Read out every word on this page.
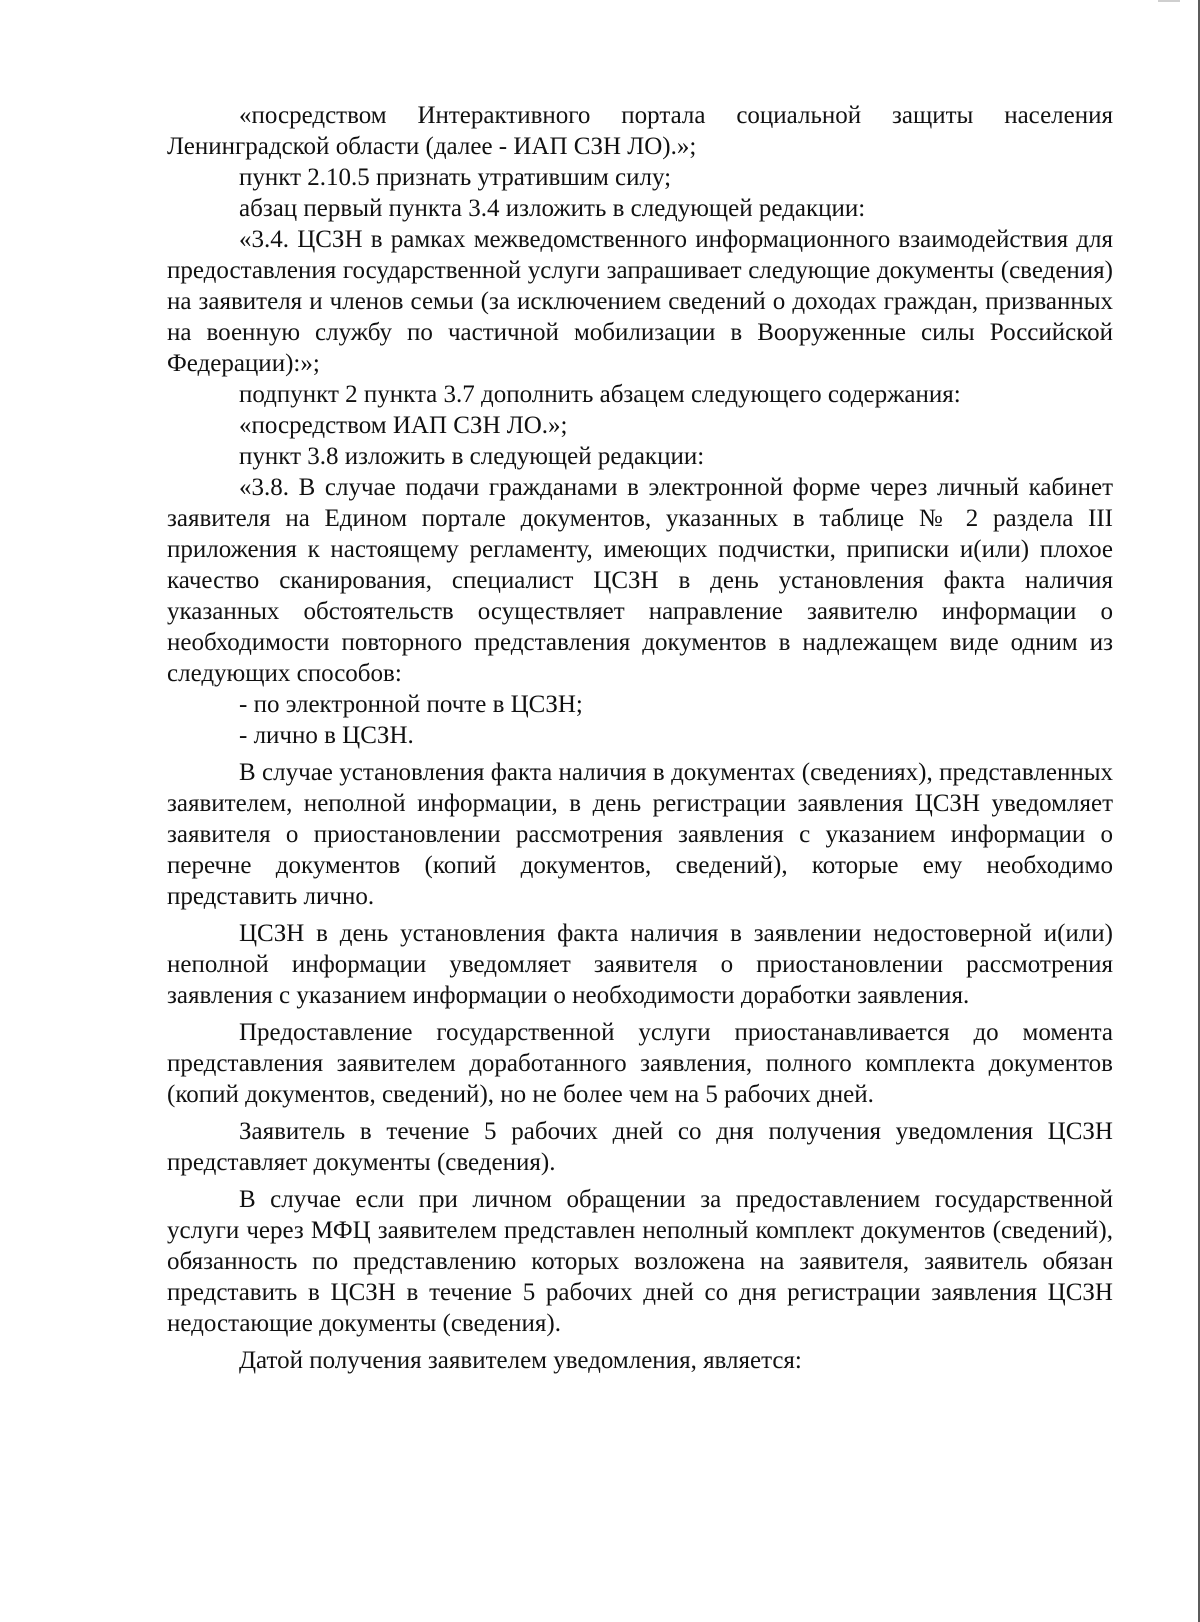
«посредством Интерактивного портала социальной защиты населения Ленинградской области (далее - ИАП СЗН ЛО).»;

пункт 2.10.5 признать утратившим силу;

абзац первый пункта 3.4 изложить в следующей редакции:

«3.4. ЦСЗН в рамках межведомственного информационного взаимодействия для предоставления государственной услуги запрашивает следующие документы (сведения) на заявителя и членов семьи (за исключением сведений о доходах граждан, призванных на военную службу по частичной мобилизации в Вооруженные силы Российской Федерации):»;

подпункт 2 пункта 3.7 дополнить абзацем следующего содержания:

«посредством ИАП СЗН ЛО.»;

пункт 3.8 изложить в следующей редакции:

«3.8. В случае подачи гражданами в электронной форме через личный кабинет заявителя на Едином портале документов, указанных в таблице № 2 раздела III приложения к настоящему регламенту, имеющих подчистки, приписки и(или) плохое качество сканирования, специалист ЦСЗН в день установления факта наличия указанных обстоятельств осуществляет направление заявителю информации о необходимости повторного представления документов в надлежащем виде одним из следующих способов:

- по электронной почте в ЦСЗН;

- лично в ЦСЗН.

В случае установления факта наличия в документах (сведениях), представленных заявителем, неполной информации, в день регистрации заявления ЦСЗН уведомляет заявителя о приостановлении рассмотрения заявления с указанием информации о перечне документов (копий документов, сведений), которые ему необходимо представить лично.

ЦСЗН в день установления факта наличия в заявлении недостоверной и(или) неполной информации уведомляет заявителя о приостановлении рассмотрения заявления с указанием информации о необходимости доработки заявления.

Предоставление государственной услуги приостанавливается до момента представления заявителем доработанного заявления, полного комплекта документов (копий документов, сведений), но не более чем на 5 рабочих дней.

Заявитель в течение 5 рабочих дней со дня получения уведомления ЦСЗН представляет документы (сведения).

В случае если при личном обращении за предоставлением государственной услуги через МФЦ заявителем представлен неполный комплект документов (сведений), обязанность по представлению которых возложена на заявителя, заявитель обязан представить в ЦСЗН в течение 5 рабочих дней со дня регистрации заявления ЦСЗН недостающие документы (сведения).

Датой получения заявителем уведомления, является:
